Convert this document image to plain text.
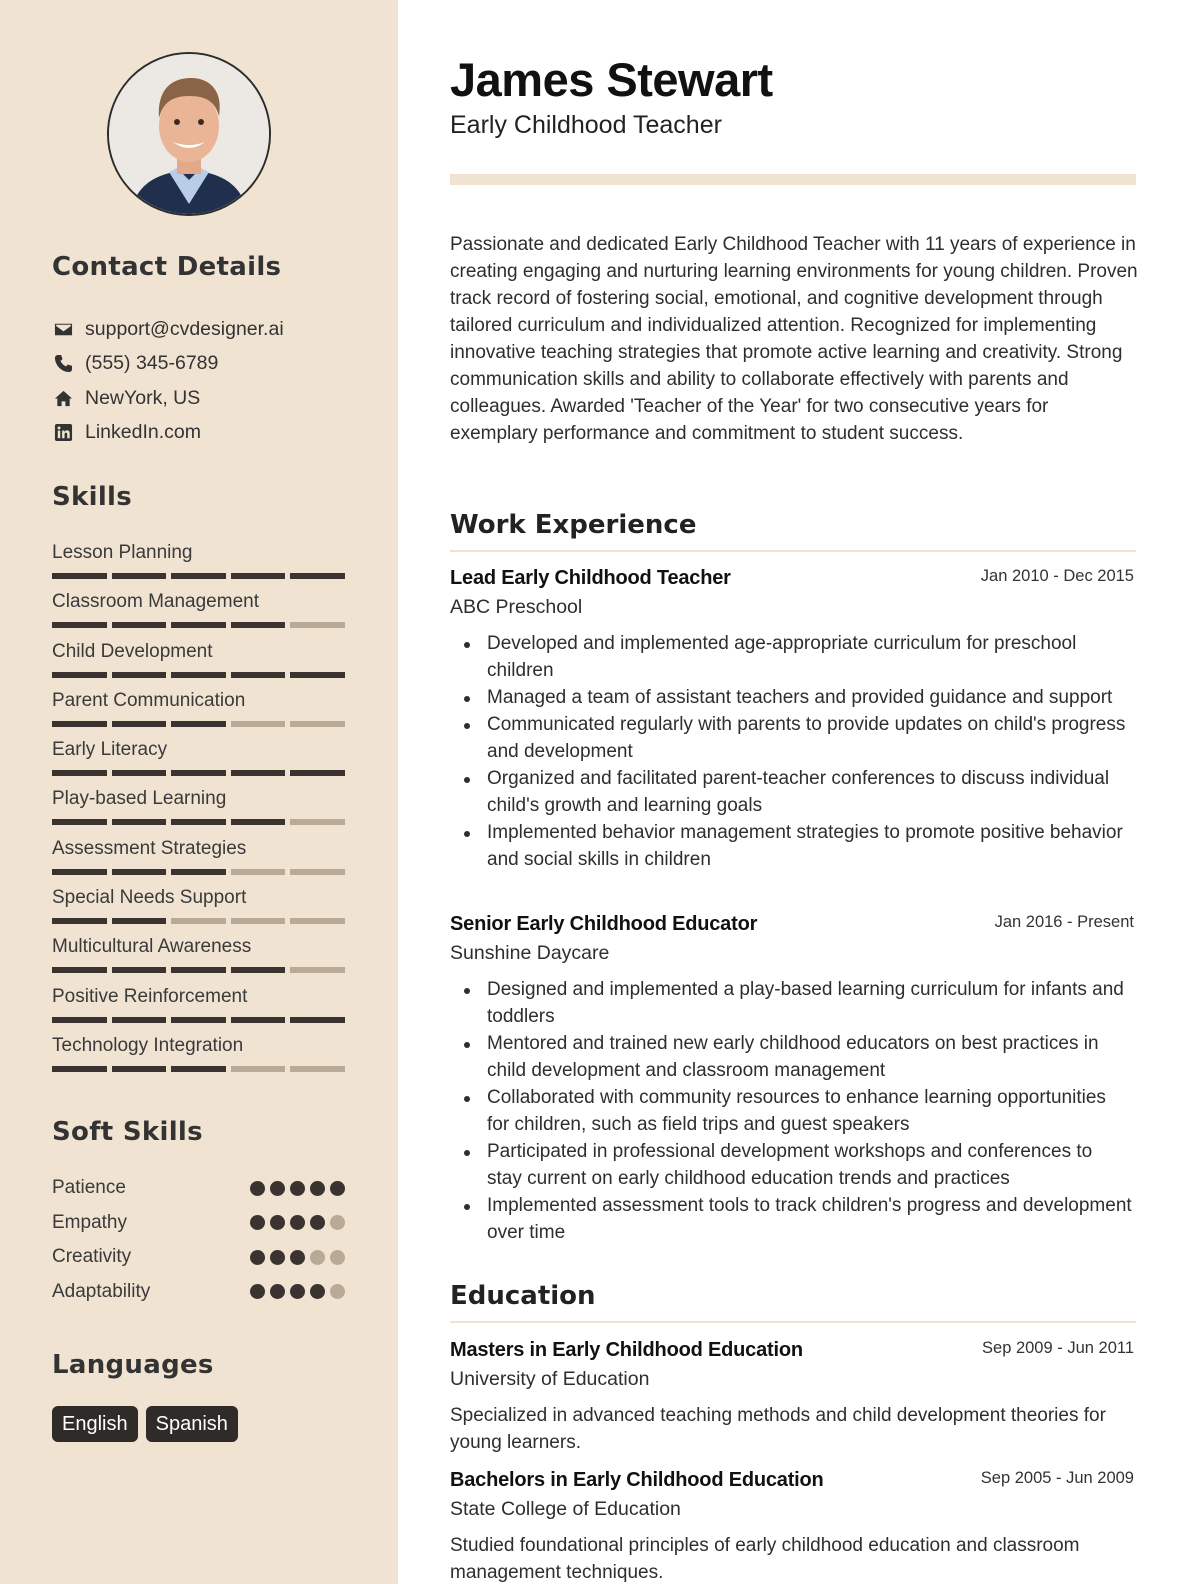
Contact Details
support@cvdesigner.ai
(555) 345-6789
NewYork, US
LinkedIn.com
Skills
Lesson Planning
Classroom Management
Child Development
Parent Communication
Early Literacy
Play-based Learning
Assessment Strategies
Special Needs Support
Multicultural Awareness
Positive Reinforcement
Technology Integration
Soft Skills
Patience
Empathy
Creativity
Adaptability
Languages
English	Spanish
James Stewart
Early Childhood Teacher
Passionate and dedicated Early Childhood Teacher with 11 years of experience in creating engaging and nurturing learning environments for young children. Proven track record of fostering social, emotional, and cognitive development through tailored curriculum and individualized attention. Recognized for implementing innovative teaching strategies that promote active learning and creativity. Strong communication skills and ability to collaborate effectively with parents and colleagues. Awarded 'Teacher of the Year' for two consecutive years for exemplary performance and commitment to student success.
Work Experience
Lead Early Childhood Teacher	Jan 2010 - Dec 2015
ABC Preschool
Developed and implemented age-appropriate curriculum for preschool children
Managed a team of assistant teachers and provided guidance and support
Communicated regularly with parents to provide updates on child's progress and development
Organized and facilitated parent-teacher conferences to discuss individual child's growth and learning goals
Implemented behavior management strategies to promote positive behavior and social skills in children
Senior Early Childhood Educator	Jan 2016 - Present
Sunshine Daycare
Designed and implemented a play-based learning curriculum for infants and toddlers
Mentored and trained new early childhood educators on best practices in child development and classroom management
Collaborated with community resources to enhance learning opportunities for children, such as field trips and guest speakers
Participated in professional development workshops and conferences to stay current on early childhood education trends and practices
Implemented assessment tools to track children's progress and development over time
Education
Masters in Early Childhood Education	Sep 2009 - Jun 2011
University of Education
Specialized in advanced teaching methods and child development theories for young learners.
Bachelors in Early Childhood Education	Sep 2005 - Jun 2009
State College of Education
Studied foundational principles of early childhood education and classroom management techniques.
